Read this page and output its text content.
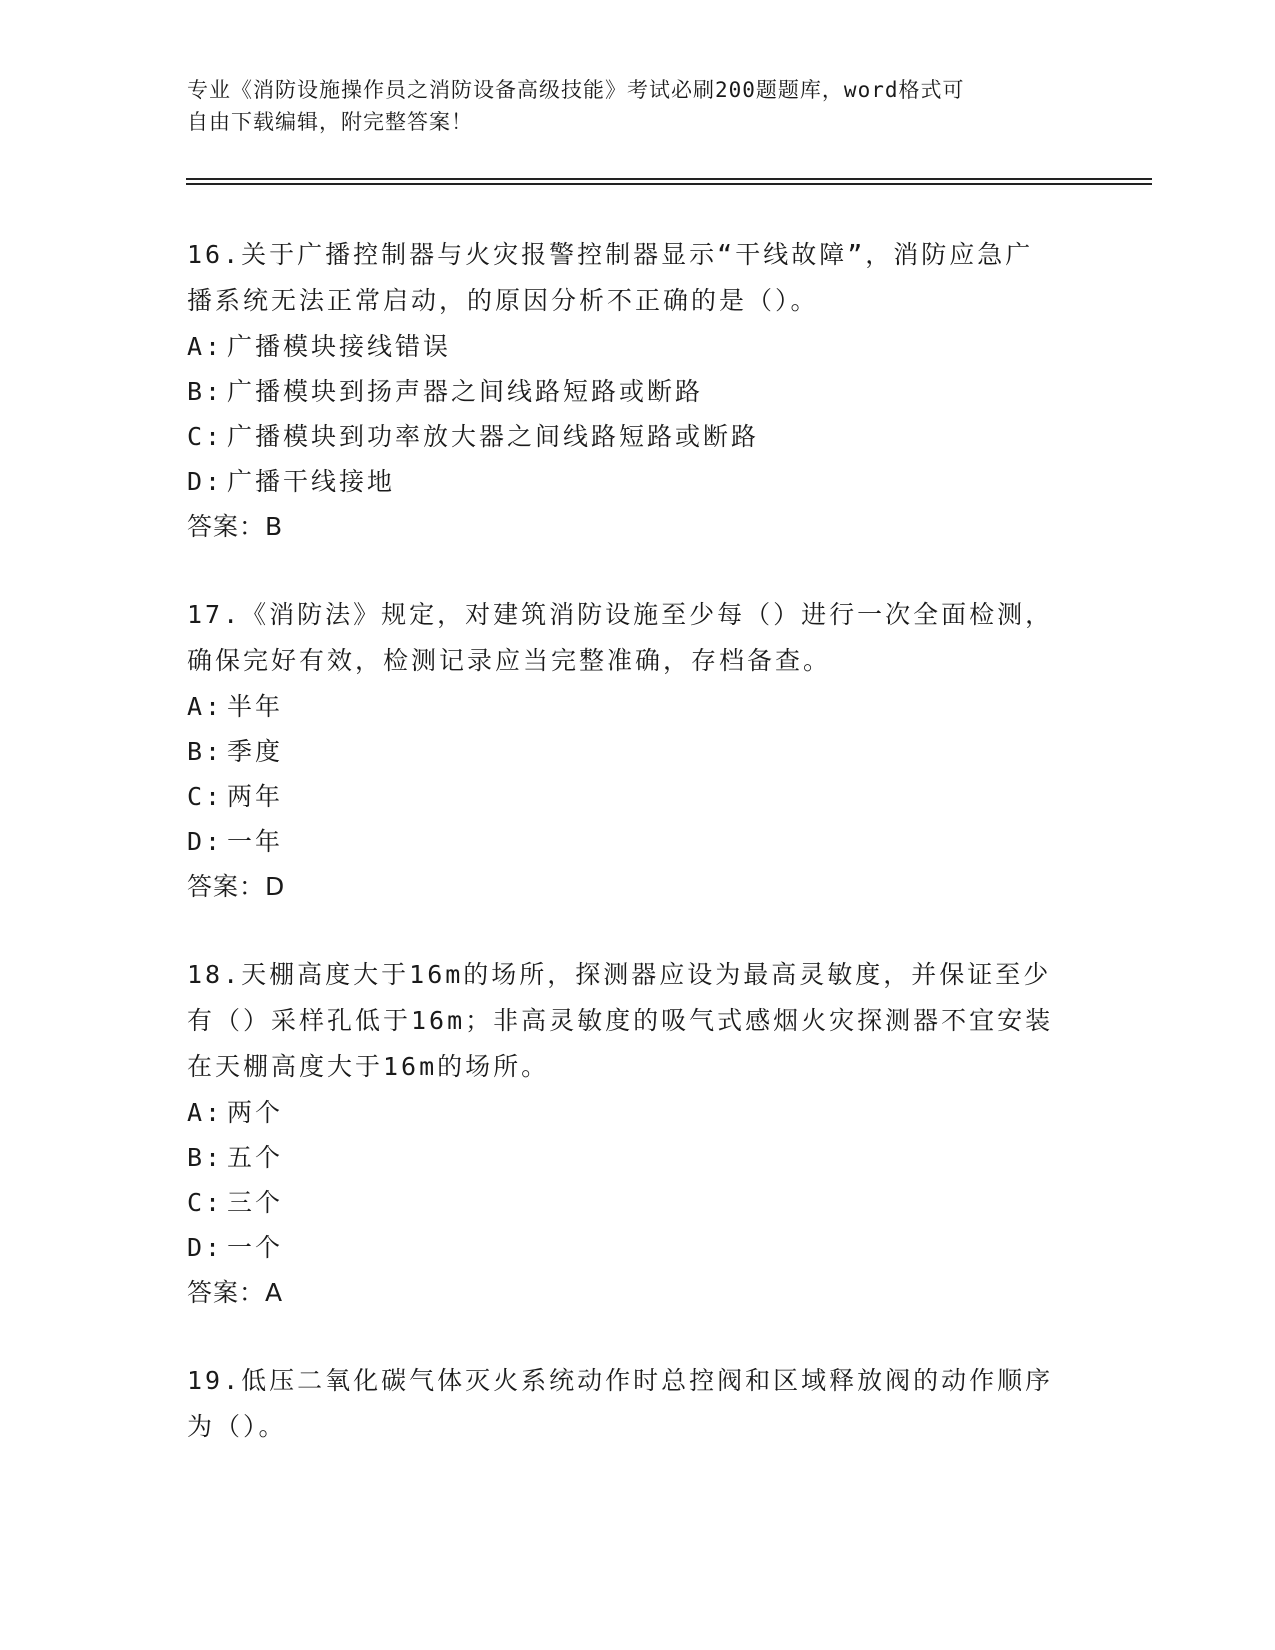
专业《消防设施操作员之消防设备高级技能》考试必刷200题题库，word格式可
自由下载编辑，附完整答案！

16.关于广播控制器与火灾报警控制器显示“干线故障”，消防应急广

播系统无法正常启动，的原因分析不正确的是（）。

A: 广播模块接线错误
B: 广播模块到扬声器之间线路短路或断路
C: 广播模块到功率放大器之间线路短路或断路
D: 广播干线接地

答案：B

17.《消防法》规定，对建筑消防设施至少每（）进行一次全面检测，

确保完好有效，检测记录应当完整准确，存档备查。

A: 半年
B: 季度
C: 两年
D: 一年

答案：D

18.天棚高度大于16m的场所，探测器应设为最高灵敏度，并保证至少

有（）采样孔低于16m；非高灵敏度的吸气式感烟火灾探测器不宜安装

在天棚高度大于16m的场所。

A: 两个
B: 五个
C: 三个
D: 一个

答案：A

19.低压二氧化碳气体灭火系统动作时总控阀和区域释放阀的动作顺序

为（）。
